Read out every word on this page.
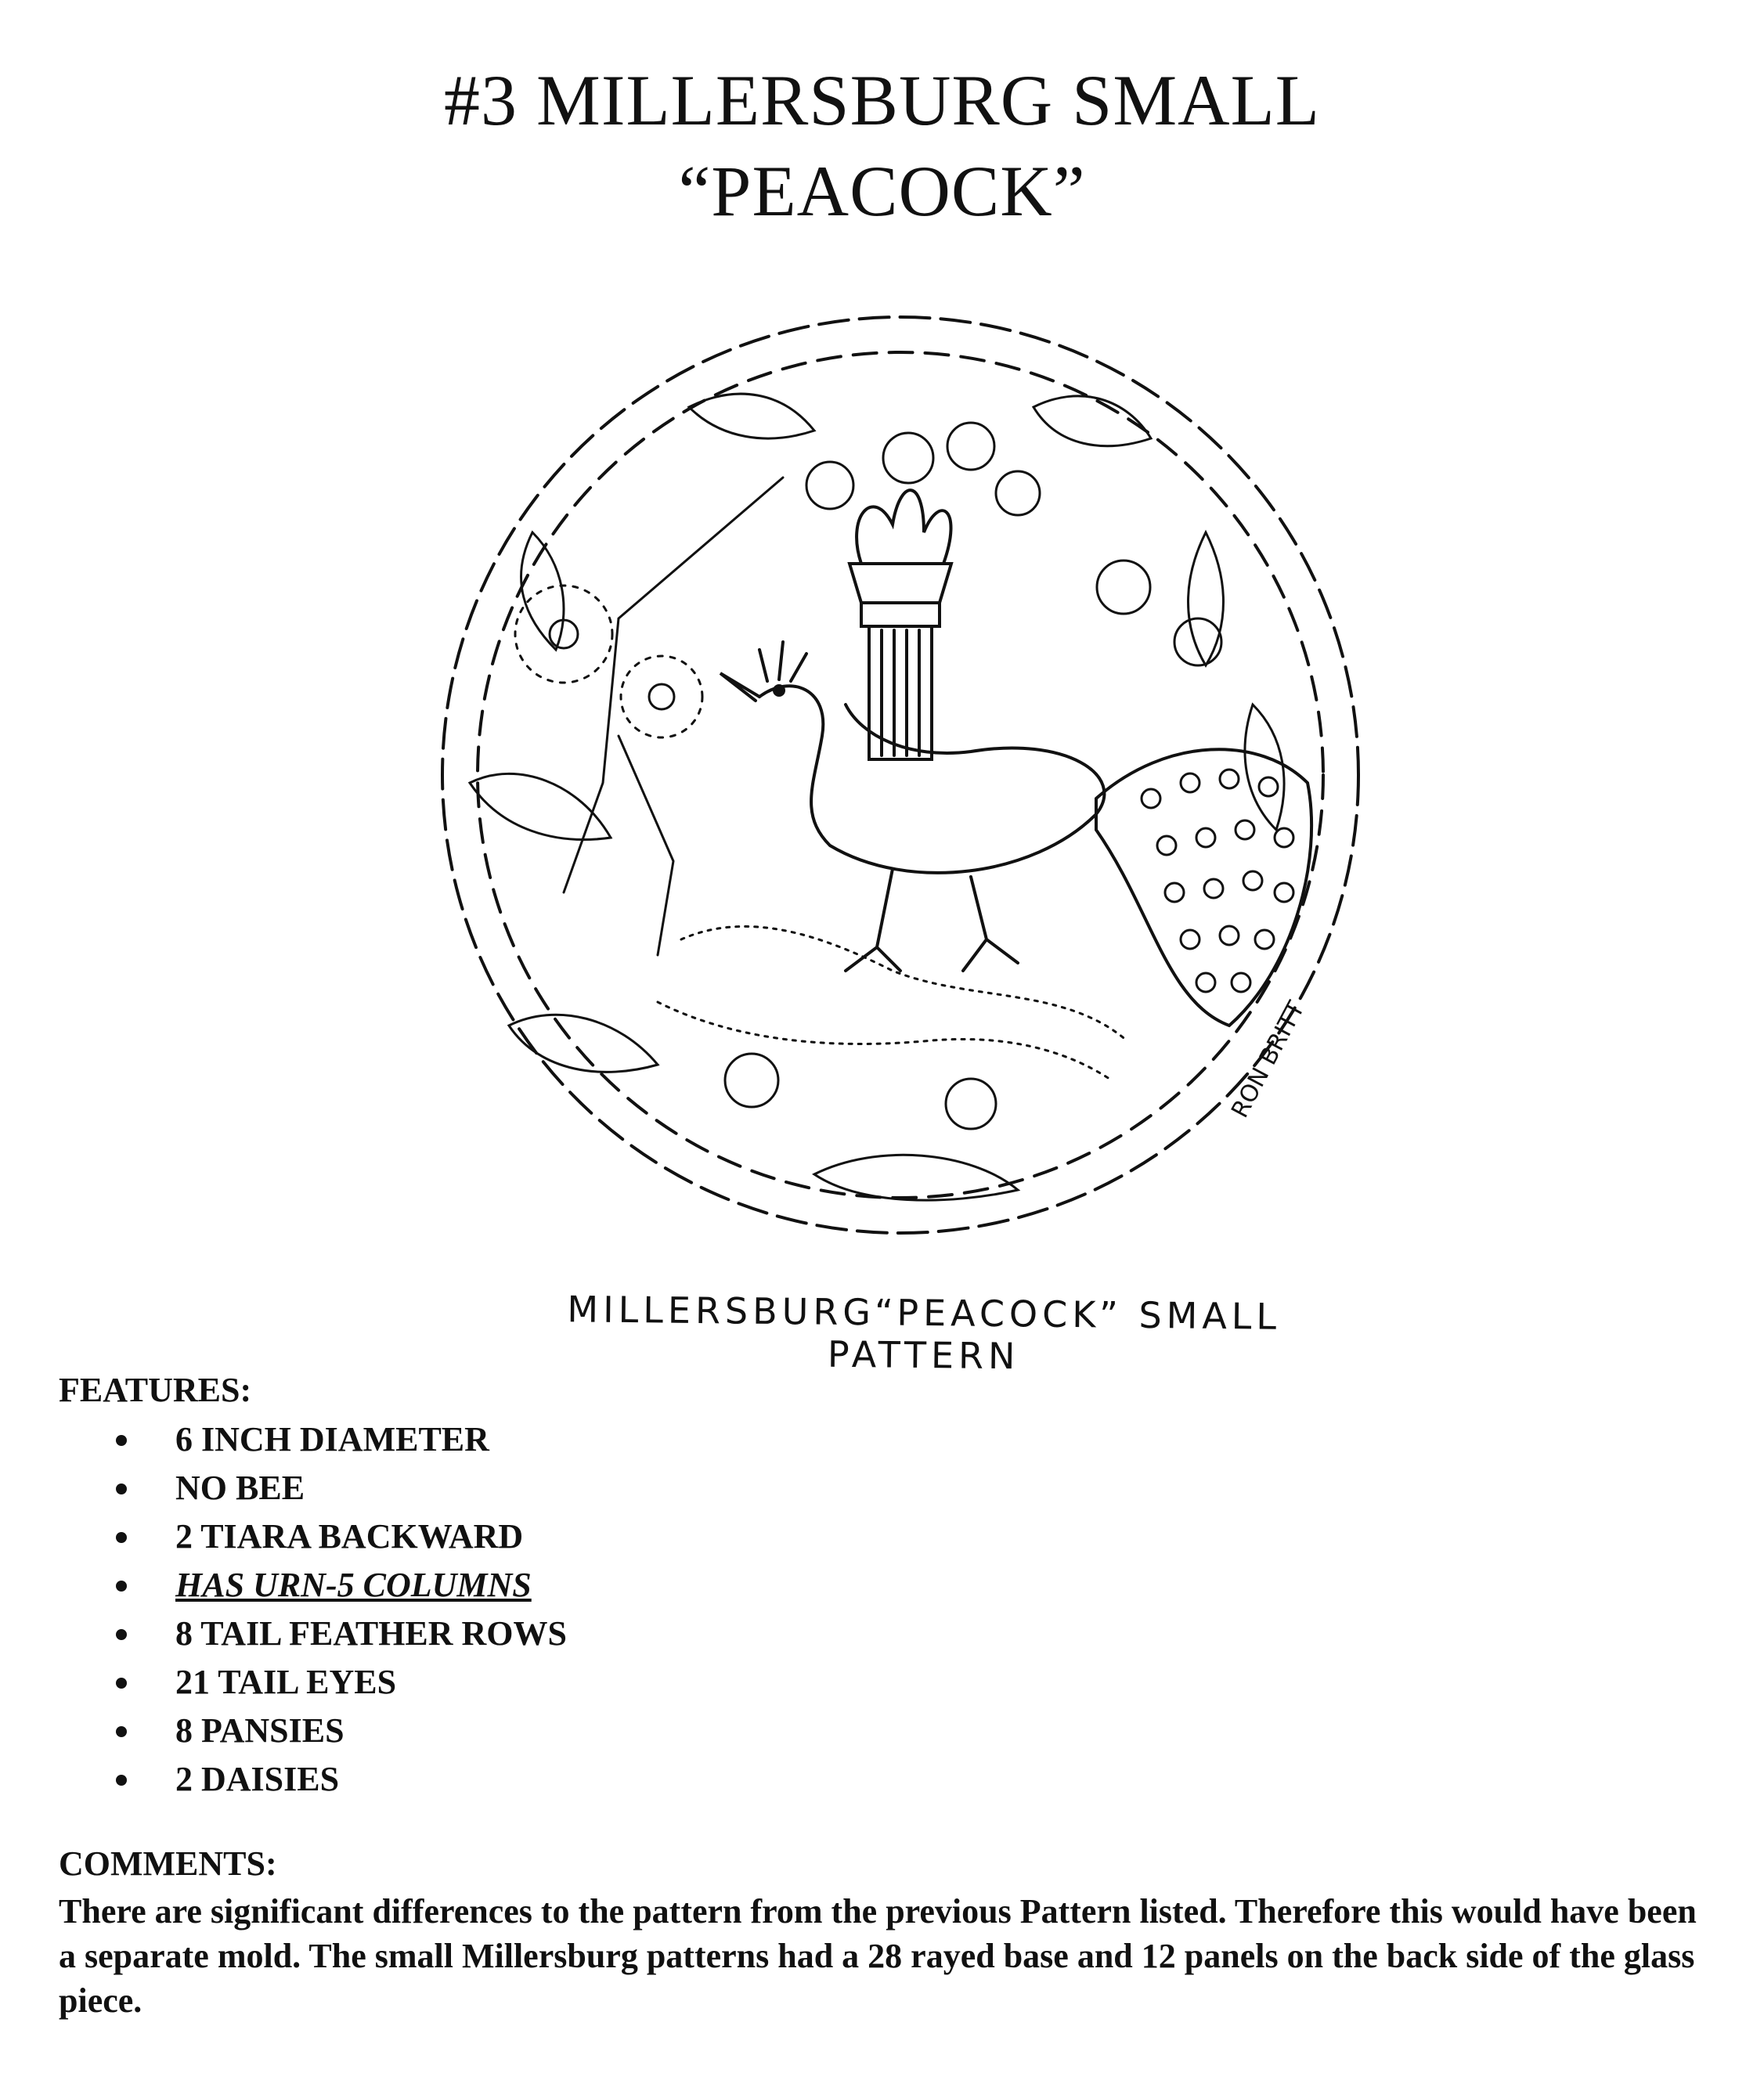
#3 MILLERSBURG SMALL
“PEACOCK”
RON BRITT
MILLERSBURG“PEACOCK” SMALL PATTERN
FEATURES:
6 INCH DIAMETER
NO BEE
2 TIARA BACKWARD
HAS URN-5 COLUMNS
8 TAIL FEATHER ROWS
21 TAIL EYES
8 PANSIES
2 DAISIES
COMMENTS:
There are significant differences to the pattern from the previous Pattern listed. Therefore this would have been a separate mold. The small Millersburg patterns had a 28 rayed base and 12 panels on the back side of the glass piece.
